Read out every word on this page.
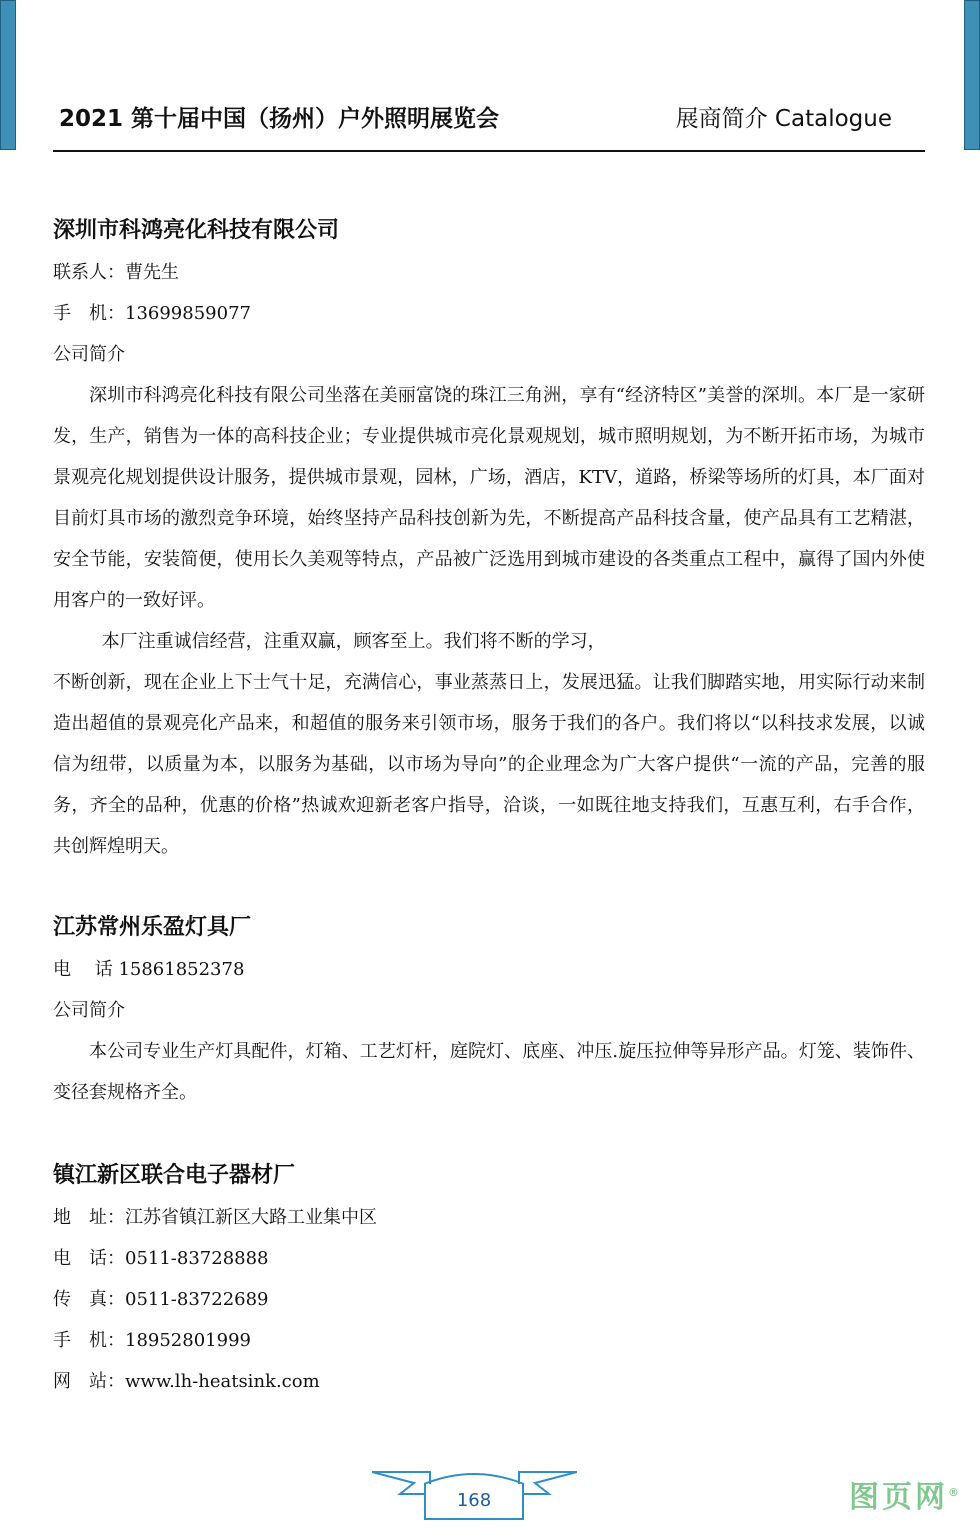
2021 第十届中国（扬州）户外照明展览会	展商简介 Catalogue
深圳市科鸿亮化科技有限公司
联系人：曹先生
手　机：13699859077
公司简介

深圳市科鸿亮化科技有限公司坐落在美丽富饶的珠江三角洲，享有“经济特区”美誉的深圳。本厂是一家研发，生产，销售为一体的高科技企业；专业提供城市亮化景观规划，城市照明规划，为不断开拓市场，为城市景观亮化规划提供设计服务，提供城市景观，园林，广场，酒店，KTV，道路，桥梁等场所的灯具，本厂面对目前灯具市场的激烈竞争环境，始终坚持产品科技创新为先，不断提高产品科技含量，使产品具有工艺精湛，安全节能，安装简便，使用长久美观等特点，产品被广泛选用到城市建设的各类重点工程中，赢得了国内外使用客户的一致好评。

本厂注重诚信经营，注重双赢，顾客至上。我们将不断的学习，

不断创新，现在企业上下士气十足，充满信心，事业蒸蒸日上，发展迅猛。让我们脚踏实地，用实际行动来制造出超值的景观亮化产品来，和超值的服务来引领市场，服务于我们的各户。我们将以“以科技求发展，以诚信为纽带，以质量为本，以服务为基础，以市场为导向”的企业理念为广大客户提供“一流的产品，完善的服务，齐全的品种，优惠的价格”热诚欢迎新老客户指导，洽谈，一如既往地支持我们，互惠互利，右手合作，共创辉煌明天。

江苏常州乐盈灯具厂
电　 话 15861852378
公司简介

本公司专业生产灯具配件，灯箱、工艺灯杆，庭院灯、底座、冲压.旋压拉伸等异形产品。灯笼、装饰件、变径套规格齐全。

镇江新区联合电子器材厂
地　址：江苏省镇江新区大路工业集中区
电　话：0511-83728888
传　真：0511-83722689
手　机：18952801999
网　站：www.lh-heatsink.com
168	图页网®
